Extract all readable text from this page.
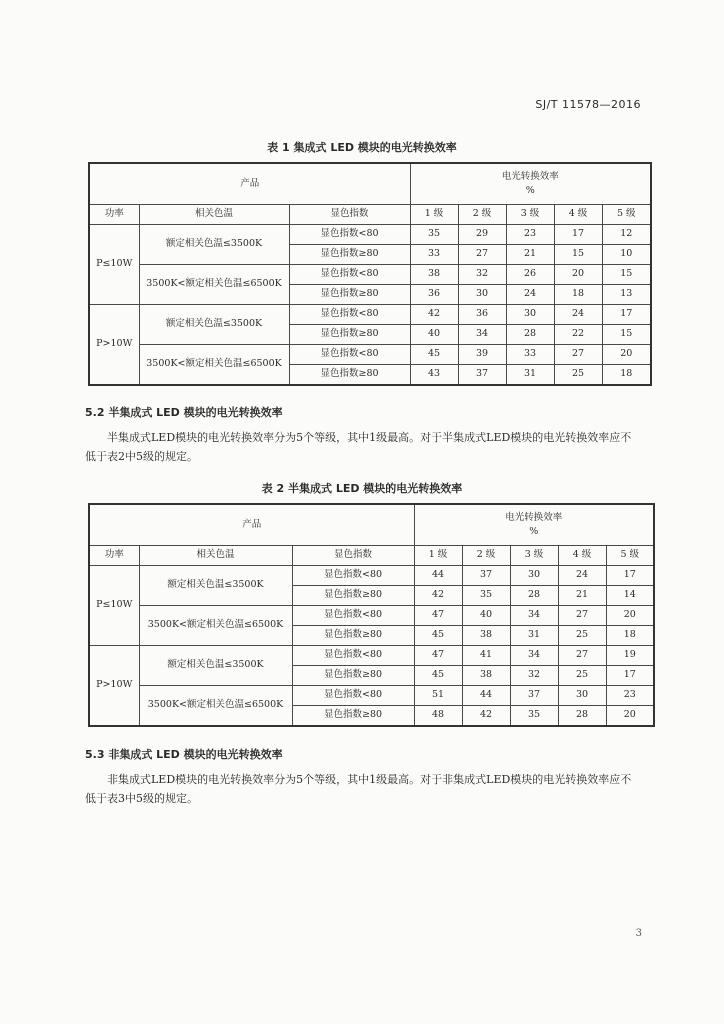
SJ/T 11578—2016
表 1 集成式 LED 模块的电光转换效率
产品			电光转换效率
%				

功率	相关色温	显色指数	1 级	2 级	3 级	4 级	5 级
P≤10W	额定相关色温≤3500K	显色指数<80	35	29	23	17	12
		显色指数≥80	33	27	21	15	10
	3500K<额定相关色温≤6500K	显色指数<80	38	32	26	20	15
		显色指数≥80	36	30	24	18	13
P>10W	额定相关色温≤3500K	显色指数<80	42	36	30	24	17
		显色指数≥80	40	34	28	22	15
	3500K<额定相关色温≤6500K	显色指数<80	45	39	33	27	20
		显色指数≥80	43	37	31	25	18
5.2 半集成式 LED 模块的电光转换效率
半集成式LED模块的电光转换效率分为5个等级，其中1级最高。对于半集成式LED模块的电光转换效率应不低于表2中5级的规定。
表 2 半集成式 LED 模块的电光转换效率
产品			电光转换效率
%				

功率	相关色温	显色指数	1 级	2 级	3 级	4 级	5 级
P≤10W	额定相关色温≤3500K	显色指数<80	44	37	30	24	17
		显色指数≥80	42	35	28	21	14
	3500K<额定相关色温≤6500K	显色指数<80	47	40	34	27	20
		显色指数≥80	45	38	31	25	18
P>10W	额定相关色温≤3500K	显色指数<80	47	41	34	27	19
		显色指数≥80	45	38	32	25	17
	3500K<额定相关色温≤6500K	显色指数<80	51	44	37	30	23
		显色指数≥80	48	42	35	28	20
5.3 非集成式 LED 模块的电光转换效率
非集成式LED模块的电光转换效率分为5个等级，其中1级最高。对于非集成式LED模块的电光转换效率应不低于表3中5级的规定。
3
